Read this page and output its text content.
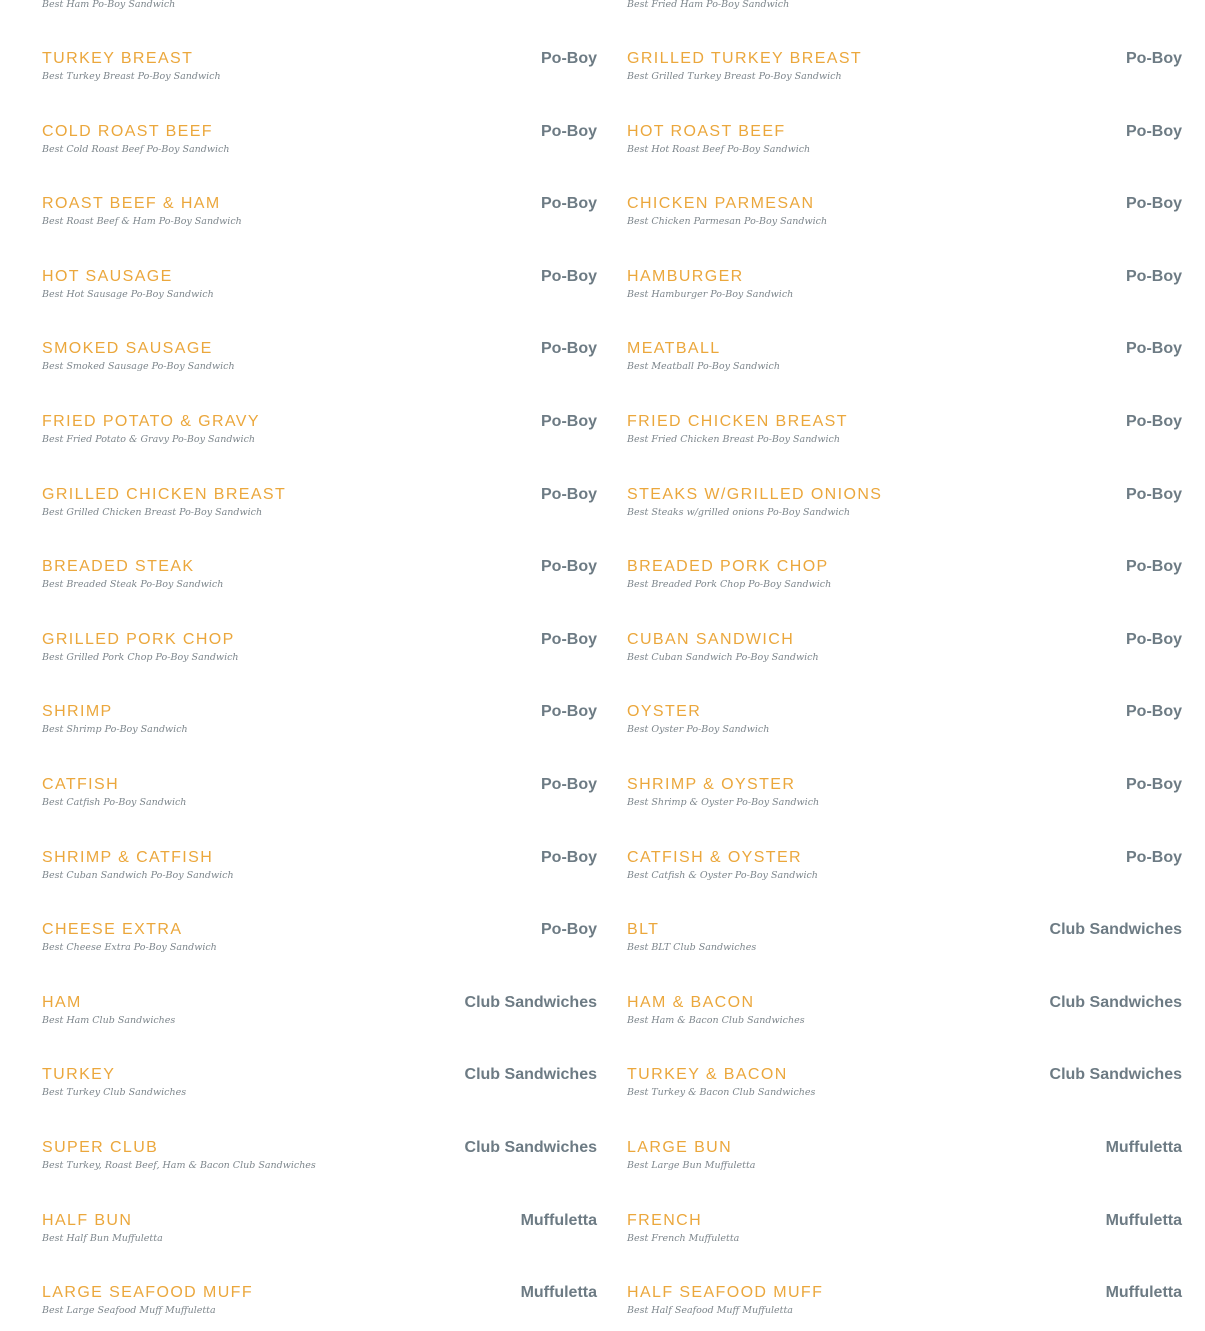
Best Ham Po-Boy Sandwich
TURKEY BREAST	Po-Boy
Best Turkey Breast Po-Boy Sandwich
COLD ROAST BEEF	Po-Boy
Best Cold Roast Beef Po-Boy Sandwich
ROAST BEEF & HAM	Po-Boy
Best Roast Beef & Ham Po-Boy Sandwich
HOT SAUSAGE	Po-Boy
Best Hot Sausage Po-Boy Sandwich
SMOKED SAUSAGE	Po-Boy
Best Smoked Sausage Po-Boy Sandwich
FRIED POTATO & GRAVY	Po-Boy
Best Fried Potato & Gravy Po-Boy Sandwich
GRILLED CHICKEN BREAST	Po-Boy
Best Grilled Chicken Breast Po-Boy Sandwich
BREADED STEAK	Po-Boy
Best Breaded Steak Po-Boy Sandwich
GRILLED PORK CHOP	Po-Boy
Best Grilled Pork Chop Po-Boy Sandwich
SHRIMP	Po-Boy
Best Shrimp Po-Boy Sandwich
CATFISH	Po-Boy
Best Catfish Po-Boy Sandwich
SHRIMP & CATFISH	Po-Boy
Best Cuban Sandwich Po-Boy Sandwich
CHEESE EXTRA	Po-Boy
Best Cheese Extra Po-Boy Sandwich
HAM	Club Sandwiches
Best Ham Club Sandwiches
TURKEY	Club Sandwiches
Best Turkey Club Sandwiches
SUPER CLUB	Club Sandwiches
Best Turkey, Roast Beef, Ham & Bacon Club Sandwiches
HALF BUN	Muffuletta
Best Half Bun Muffuletta
LARGE SEAFOOD MUFF	Muffuletta
Best Large Seafood Muff Muffuletta
Best Fried Ham Po-Boy Sandwich
GRILLED TURKEY BREAST	Po-Boy
Best Grilled Turkey Breast Po-Boy Sandwich
HOT ROAST BEEF	Po-Boy
Best Hot Roast Beef Po-Boy Sandwich
CHICKEN PARMESAN	Po-Boy
Best Chicken Parmesan Po-Boy Sandwich
HAMBURGER	Po-Boy
Best Hamburger Po-Boy Sandwich
MEATBALL	Po-Boy
Best Meatball Po-Boy Sandwich
FRIED CHICKEN BREAST	Po-Boy
Best Fried Chicken Breast Po-Boy Sandwich
STEAKS W/GRILLED ONIONS	Po-Boy
Best Steaks w/grilled onions Po-Boy Sandwich
BREADED PORK CHOP	Po-Boy
Best Breaded Pork Chop Po-Boy Sandwich
CUBAN SANDWICH	Po-Boy
Best Cuban Sandwich Po-Boy Sandwich
OYSTER	Po-Boy
Best Oyster Po-Boy Sandwich
SHRIMP & OYSTER	Po-Boy
Best Shrimp & Oyster Po-Boy Sandwich
CATFISH & OYSTER	Po-Boy
Best Catfish & Oyster Po-Boy Sandwich
BLT	Club Sandwiches
Best BLT Club Sandwiches
HAM & BACON	Club Sandwiches
Best Ham & Bacon Club Sandwiches
TURKEY & BACON	Club Sandwiches
Best Turkey & Bacon Club Sandwiches
LARGE BUN	Muffuletta
Best Large Bun Muffuletta
FRENCH	Muffuletta
Best French Muffuletta
HALF SEAFOOD MUFF	Muffuletta
Best Half Seafood Muff Muffuletta
